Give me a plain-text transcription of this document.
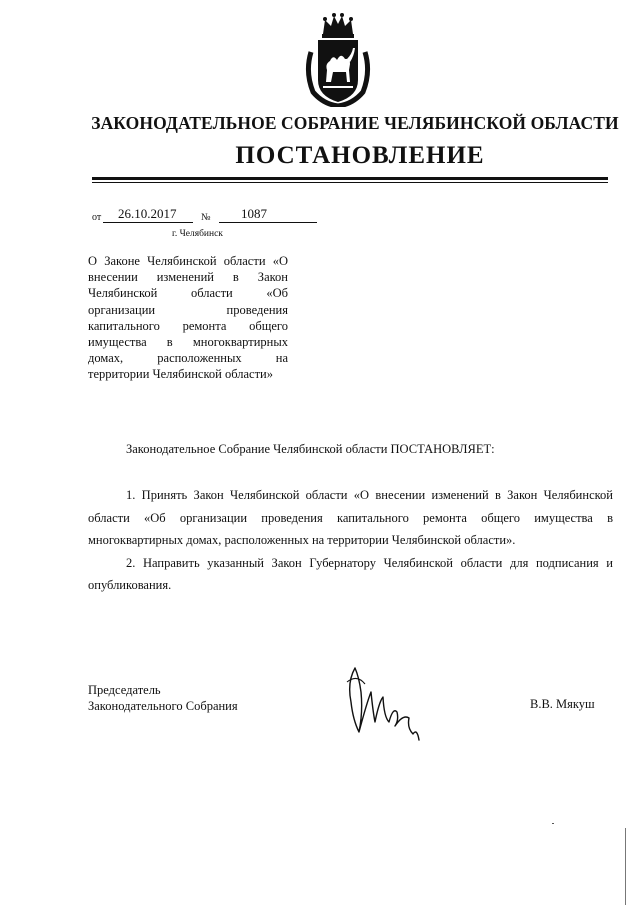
ЗАКОНОДАТЕЛЬНОЕ СОБРАНИЕ ЧЕЛЯБИНСКОЙ ОБЛАСТИ
ПОСТАНОВЛЕНИЕ
от 26.10.2017 № 1087
г. Челябинск
О Законе Челябинской области «О внесении изменений в Закон Челябинской области «Об организации проведения капитального ремонта общего имущества в многоквартирных домах, расположенных на территории Челябинской области»
Законодательное Собрание Челябинской области ПОСТАНОВЛЯЕТ:

1. Принять Закон Челябинской области «О внесении изменений в Закон Челябинской области «Об организации проведения капитального ремонта общего имущества в многоквартирных домах, расположенных на территории Челябинской области».

2. Направить указанный Закон Губернатору Челябинской области для подписания и опубликования.

Председатель
Законодательного Собрания	В.В. Мякуш
